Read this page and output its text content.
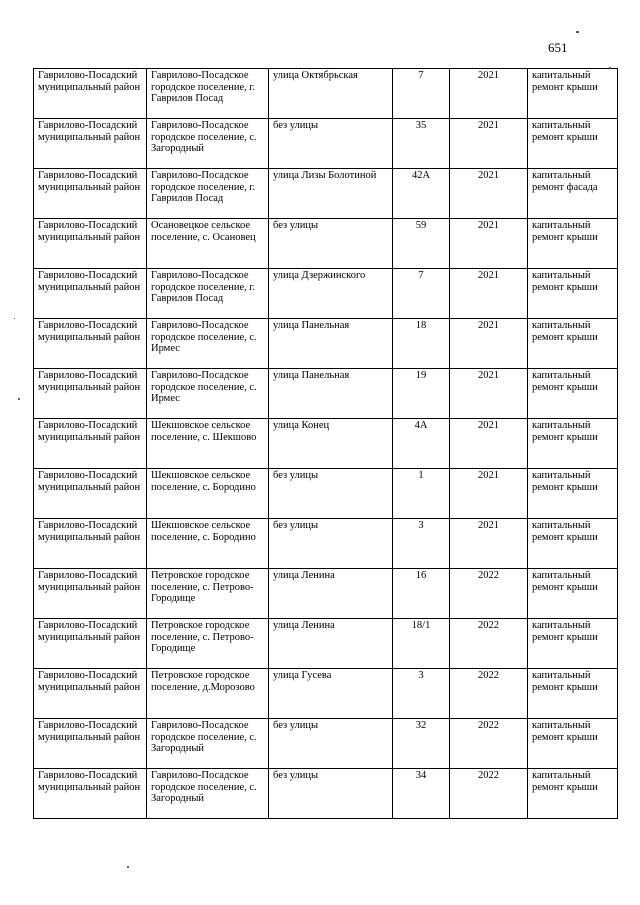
651
Гаврилово-Посадский муниципальный район	Гаврилово-Посадское городское поселение, г. Гаврилов Посад	улица Октябрьская	7	2021	капитальный ремонт крыши
Гаврилово-Посадский муниципальный район	Гаврилово-Посадское городское поселение, с. Загородный	без улицы	35	2021	капитальный ремонт крыши
Гаврилово-Посадский муниципальный район	Гаврилово-Посадское городское поселение, г. Гаврилов Посад	улица Лизы Болотиной	42А	2021	капитальный ремонт фасада
Гаврилово-Посадский муниципальный район	Осановецкое сельское поселение, с. Осановец	без улицы	59	2021	капитальный ремонт крыши
Гаврилово-Посадский муниципальный район	Гаврилово-Посадское городское поселение, г. Гаврилов Посад	улица Дзержинского	7	2021	капитальный ремонт крыши
Гаврилово-Посадский муниципальный район	Гаврилово-Посадское городское поселение, с. Ирмес	улица Панельная	18	2021	капитальный ремонт крыши
Гаврилово-Посадский муниципальный район	Гаврилово-Посадское городское поселение, с. Ирмес	улица Панельная	19	2021	капитальный ремонт крыши
Гаврилово-Посадский муниципальный район	Шекшовское сельское поселение, с. Шекшово	улица Конец	4А	2021	капитальный ремонт крыши
Гаврилово-Посадский муниципальный район	Шекшовское сельское поселение, с. Бородино	без улицы	1	2021	капитальный ремонт крыши
Гаврилово-Посадский муниципальный район	Шекшовское сельское поселение, с. Бородино	без улицы	3	2021	капитальный ремонт крыши
Гаврилово-Посадский муниципальный район	Петровское городское поселение, с. Петрово-Городище	улица Ленина	16	2022	капитальный ремонт крыши
Гаврилово-Посадский муниципальный район	Петровское городское поселение, с. Петрово-Городище	улица Ленина	18/1	2022	капитальный ремонт крыши
Гаврилово-Посадский муниципальный район	Петровское городское поселение, д.Морозово	улица Гусева	3	2022	капитальный ремонт крыши
Гаврилово-Посадский муниципальный район	Гаврилово-Посадское городское поселение, с. Загородный	без улицы	32	2022	капитальный ремонт крыши
Гаврилово-Посадский муниципальный район	Гаврилово-Посадское городское поселение, с. Загородный	без улицы	34	2022	капитальный ремонт крыши
